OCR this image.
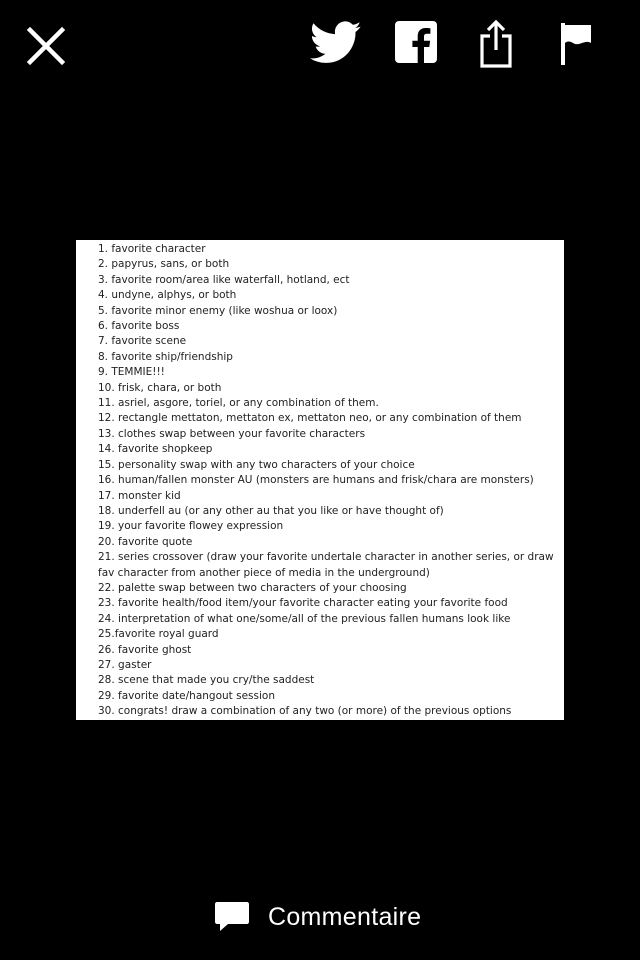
1. favorite character
2. papyrus, sans, or both
3. favorite room/area like waterfall, hotland, ect
4. undyne, alphys, or both
5. favorite minor enemy (like woshua or loox)
6. favorite boss
7. favorite scene
8. favorite ship/friendship
9. TEMMIE!!!
10. frisk, chara, or both
11. asriel, asgore, toriel, or any combination of them.
12. rectangle mettaton, mettaton ex, mettaton neo, or any combination of them
13. clothes swap between your favorite characters
14. favorite shopkeep
15. personality swap with any two characters of your choice
16. human/fallen monster AU (monsters are humans and frisk/chara are monsters)
17. monster kid
18. underfell au (or any other au that you like or have thought of)
19. your favorite flowey expression
20. favorite quote
21. series crossover (draw your favorite undertale character in another series, or draw fav character from another piece of media in the underground)
22. palette swap between two characters of your choosing
23. favorite health/food item/your favorite character eating your favorite food
24. interpretation of what one/some/all of the previous fallen humans look like
25.favorite royal guard
26. favorite ghost
27. gaster
28. scene that made you cry/the saddest
29. favorite date/hangout session
30. congrats! draw a combination of any two (or more) of the previous options
Commentaire
